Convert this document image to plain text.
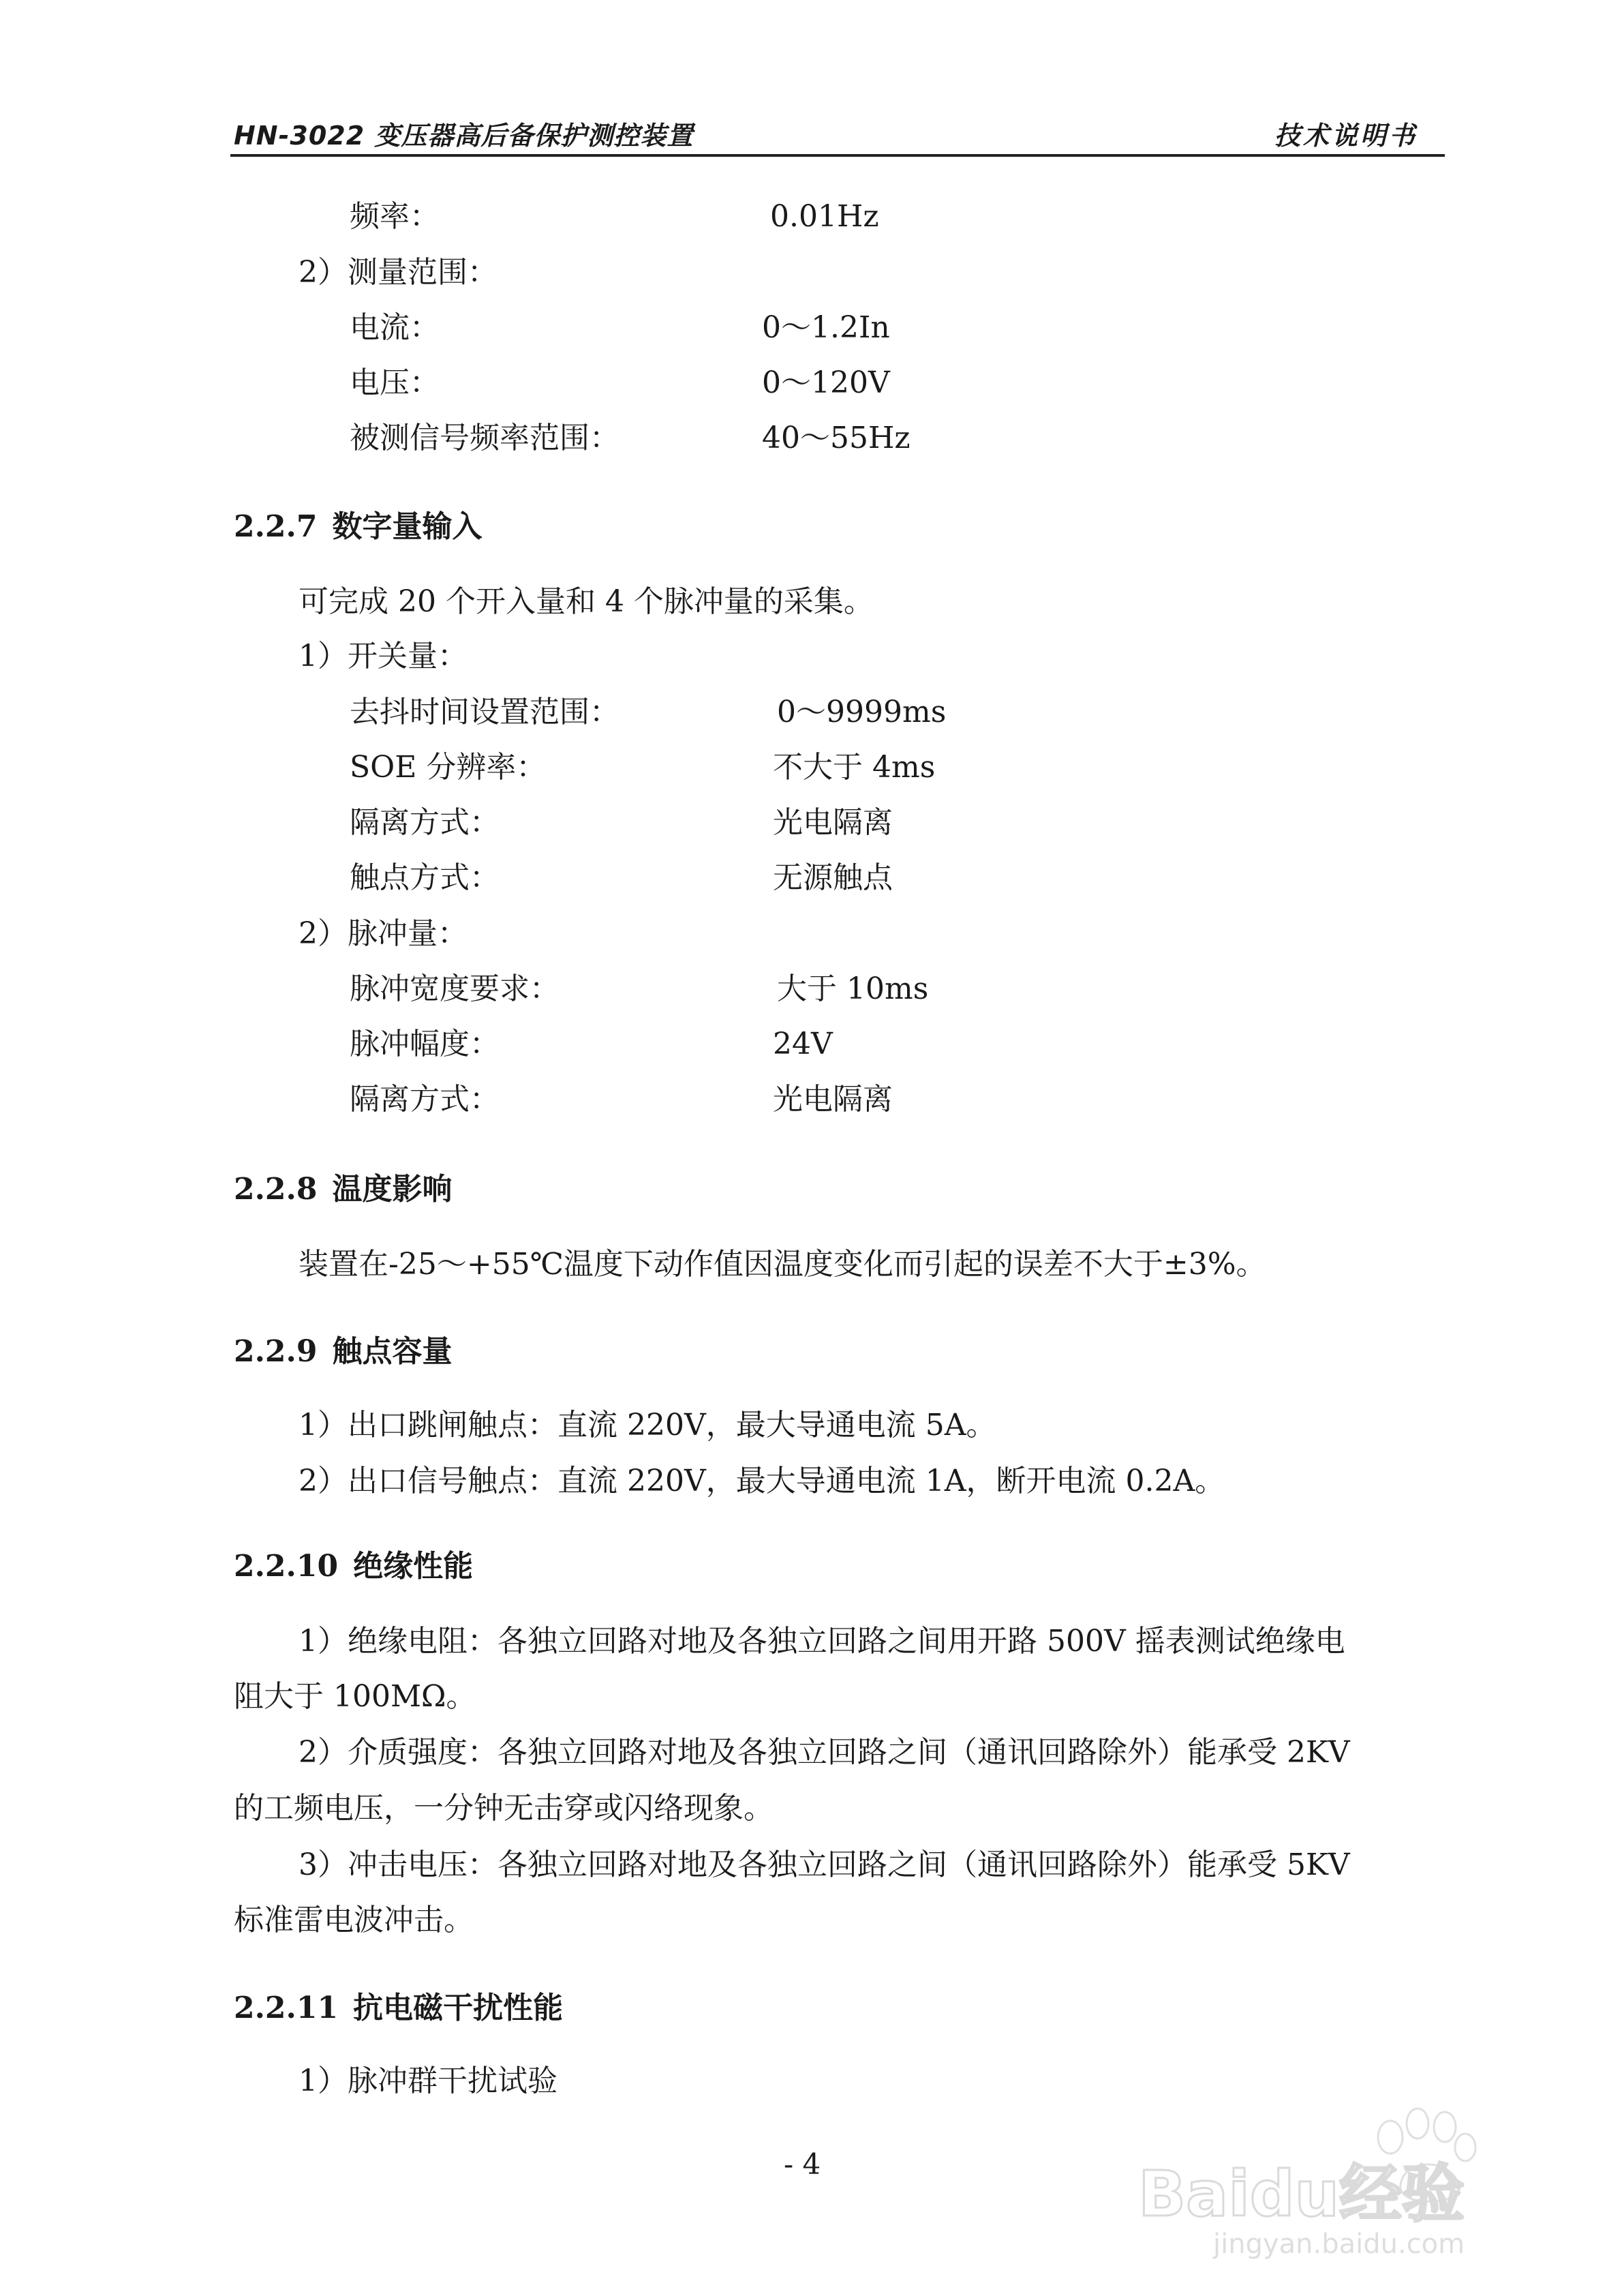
HN-3022 变压器高后备保护测控装置	技术说明书
频率：	0.01Hz
2）测量范围：
电流：	0～1.2In
电压：	0～120V
被测信号频率范围：	40～55Hz
2.2.7 数字量输入
可完成 20 个开入量和 4 个脉冲量的采集。
1）开关量：
去抖时间设置范围：	0～9999ms
SOE 分辨率：	不大于 4ms
隔离方式：	光电隔离
触点方式：	无源触点
2）脉冲量：
脉冲宽度要求：	大于 10ms
脉冲幅度：	24V
隔离方式：	光电隔离
2.2.8 温度影响
装置在-25～+55℃温度下动作值因温度变化而引起的误差不大于±3%。
2.2.9 触点容量
1）出口跳闸触点：直流 220V，最大导通电流 5A。
2）出口信号触点：直流 220V，最大导通电流 1A，断开电流 0.2A。
2.2.10 绝缘性能
1）绝缘电阻：各独立回路对地及各独立回路之间用开路 500V 摇表测试绝缘电
阻大于 100MΩ。
2）介质强度：各独立回路对地及各独立回路之间（通讯回路除外）能承受 2KV
的工频电压，一分钟无击穿或闪络现象。
3）冲击电压：各独立回路对地及各独立回路之间（通讯回路除外）能承受 5KV
标准雷电波冲击。
2.2.11 抗电磁干扰性能
1）脉冲群干扰试验
- 4	Baidu经验
jingyan.baidu.com
